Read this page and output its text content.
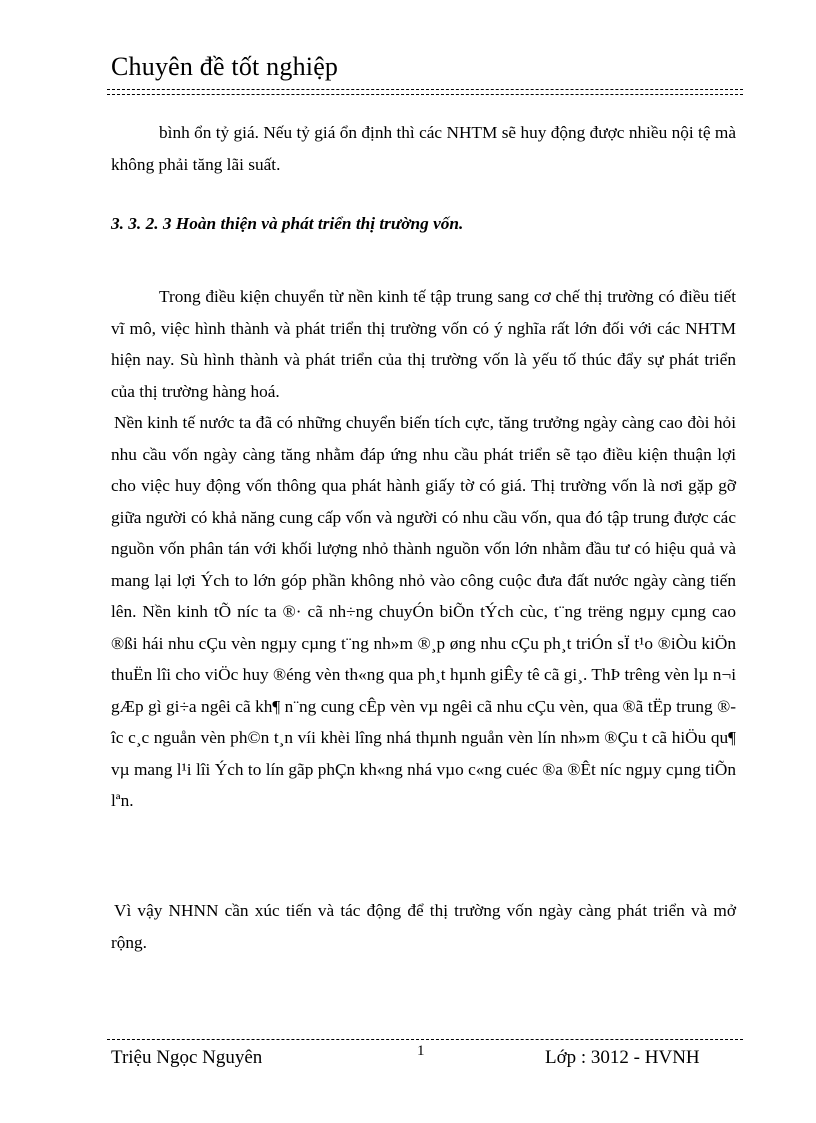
Chuyên đề tốt nghiệp

bình ổn tỷ giá. Nếu tỷ giá ổn định thì các NHTM sẽ huy động được nhiều nội tệ mà không phải tăng lãi suất.

3. 3. 2. 3 Hoàn thiện và phát triển thị trường vốn.

Trong điều kiện chuyển từ nền kinh tế tập trung sang cơ chế thị trường có điều tiết vĩ mô, việc hình thành và phát triển thị trường vốn có ý nghĩa rất lớn đối với các NHTM hiện nay. Sù hình thành và phát triển của thị trường vốn là yếu tố thúc đẩy sự phát triển của thị trường hàng hoá.

Nền kinh tế nước ta đã có những chuyển biến tích cực, tăng trưởng ngày càng cao đòi hỏi nhu cầu vốn ngày càng tăng nhằm đáp ứng nhu cầu phát triển sẽ tạo điều kiện thuận lợi cho việc huy động vốn thông qua phát hành giấy tờ có giá. Thị trường vốn là nơi gặp gỡ giữa người có khả năng cung cấp vốn và người có nhu cầu vốn, qua đó tập trung được các nguồn vốn phân tán với khối lượng nhỏ thành nguồn vốn lớn nhằm đầu tư có hiệu quả và mang lại lợi Ých to lớn góp phần không nhỏ vào công cuộc đưa đất nước ngày càng tiến lên. Nền kinh tÕ níc ta ®· cã nh÷ng chuyÓn biÕn tÝch cùc, t¨ng trëng ngµy cµng cao ®ßi hái nhu cÇu vèn ngµy cµng t¨ng nh»m ®¸p øng nhu cÇu ph¸t triÓn sÏ t¹o ®iÒu kiÖn thuËn lîi cho viÖc huy ®éng vèn th«ng qua ph¸t hµnh giÊy tê cã gi¸. ThÞ trêng vèn lµ n¬i gÆp gì gi÷a ngêi cã kh¶ n¨ng cung cÊp vèn vµ ngêi cã nhu cÇu vèn, qua ®ã tËp trung ®îc c¸c nguån vèn ph©n t¸n víi khèi lîng nhá thµnh nguån vèn lín nh»m ®Çu t cã hiÖu qu¶ vµ mang l¹i lîi Ých to lín gãp phÇn kh«ng nhá vµo c«ng cuéc ®a ®Êt níc ngµy cµng tiÕn lªn.

Vì vậy NHNN cần xúc tiến và tác động để thị trường vốn ngày càng phát triển và mở rộng.

Triệu Ngọc Nguyên	1	Lớp : 3012 - HVNH
